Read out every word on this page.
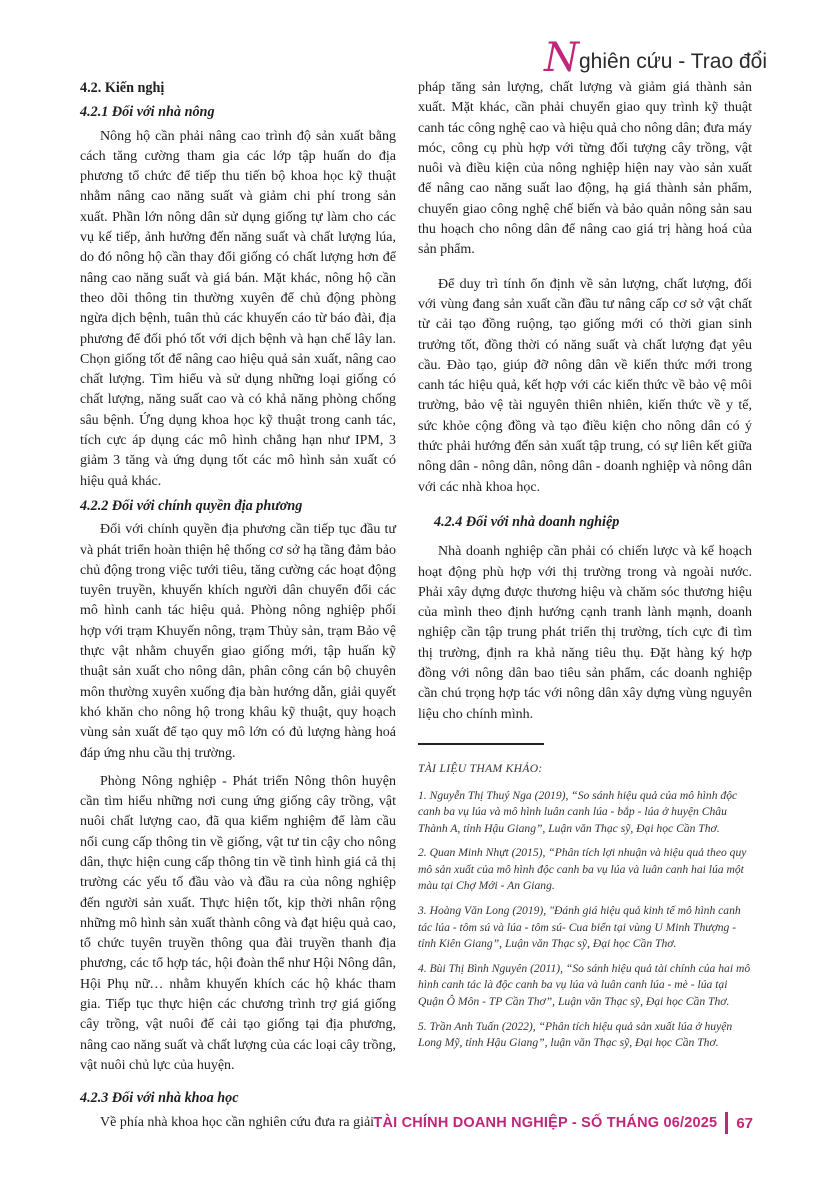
N ghiên cứu - Trao đổi
4.2. Kiến nghị
4.2.1 Đối với nhà nông

Nông hộ cần phải nâng cao trình độ sản xuất bằng cách tăng cường tham gia các lớp tập huấn do địa phương tổ chức để tiếp thu tiến bộ khoa học kỹ thuật nhằm nâng cao năng suất và giảm chi phí trong sản xuất. Phần lớn nông dân sử dụng giống tự làm cho các vụ kế tiếp, ảnh hưởng đến năng suất và chất lượng lúa, do đó nông hộ cần thay đổi giống có chất lượng hơn để nâng cao năng suất và giá bán. Mặt khác, nông hộ cần theo dõi thông tin thường xuyên để chủ động phòng ngừa dịch bệnh, tuân thủ các khuyến cáo từ báo đài, địa phương để đối phó tốt với dịch bệnh và hạn chế lây lan. Chọn giống tốt để nâng cao hiệu quả sản xuất, nâng cao chất lượng. Tìm hiểu và sử dụng những loại giống có chất lượng, năng suất cao và có khả năng phòng chống sâu bệnh. Ứng dụng khoa học kỹ thuật trong canh tác, tích cực áp dụng các mô hình chẳng hạn như IPM, 3 giảm 3 tăng và ứng dụng tốt các mô hình sản xuất có hiệu quả khác.

4.2.2 Đối với chính quyền địa phương

Đối với chính quyền địa phương cần tiếp tục đầu tư và phát triển hoàn thiện hệ thống cơ sở hạ tầng đảm bảo chủ động trong việc tưới tiêu, tăng cường các hoạt động tuyên truyền, khuyến khích người dân chuyển đổi các mô hình canh tác hiệu quả. Phòng nông nghiệp phối hợp với trạm Khuyến nông, trạm Thủy sản, trạm Bảo vệ thực vật nhằm chuyển giao giống mới, tập huấn kỹ thuật sản xuất cho nông dân, phân công cán bộ chuyên môn thường xuyên xuống địa bàn hướng dẫn, giải quyết khó khăn cho nông hộ trong khâu kỹ thuật, quy hoạch vùng sản xuất để tạo quy mô lớn có đủ lượng hàng hoá đáp ứng nhu cầu thị trường.

Phòng Nông nghiệp - Phát triển Nông thôn huyện cần tìm hiểu những nơi cung ứng giống cây trồng, vật nuôi chất lượng cao, đã qua kiểm nghiệm để làm cầu nối cung cấp thông tin về giống, vật tư tin cậy cho nông dân, thực hiện cung cấp thông tin về tình hình giá cả thị trường các yếu tố đầu vào và đầu ra của nông nghiệp đến người sản xuất. Thực hiện tốt, kịp thời nhân rộng những mô hình sản xuất thành công và đạt hiệu quả cao, tổ chức tuyên truyền thông qua đài truyền thanh địa phương, các tổ hợp tác, hội đoàn thể như Hội Nông dân, Hội Phụ nữ… nhằm khuyến khích các hộ khác tham gia. Tiếp tục thực hiện các chương trình trợ giá giống cây trồng, vật nuôi để cải tạo giống tại địa phương, nâng cao năng suất và chất lượng của các loại cây trồng, vật nuôi chủ lực của huyện.

4.2.3 Đối với nhà khoa học

Về phía nhà khoa học cần nghiên cứu đưa ra giải

pháp tăng sản lượng, chất lượng và giảm giá thành sản xuất. Mặt khác, cần phải chuyển giao quy trình kỹ thuật canh tác công nghệ cao và hiệu quả cho nông dân; đưa máy móc, công cụ phù hợp với từng đối tượng cây trồng, vật nuôi và điều kiện của nông nghiệp hiện nay vào sản xuất để nâng cao năng suất lao động, hạ giá thành sản phẩm, chuyển giao công nghệ chế biến và bảo quản nông sản sau thu hoạch cho nông dân để nâng cao giá trị hàng hoá của sản phẩm.

Để duy trì tính ổn định về sản lượng, chất lượng, đối với vùng đang sản xuất cần đầu tư nâng cấp cơ sở vật chất từ cải tạo đồng ruộng, tạo giống mới có thời gian sinh trưởng tốt, đồng thời có năng suất và chất lượng đạt yêu cầu. Đào tạo, giúp đỡ nông dân về kiến thức mới trong canh tác hiệu quả, kết hợp với các kiến thức về bảo vệ môi trường, bảo vệ tài nguyên thiên nhiên, kiến thức về y tế, sức khỏe cộng đồng và tạo điều kiện cho nông dân có ý thức phải hướng đến sản xuất tập trung, có sự liên kết giữa nông dân - nông dân, nông dân - doanh nghiệp và nông dân với các nhà khoa học.

4.2.4 Đối với nhà doanh nghiệp

Nhà doanh nghiệp cần phải có chiến lược và kế hoạch hoạt động phù hợp với thị trường trong và ngoài nước. Phải xây dựng được thương hiệu và chăm sóc thương hiệu của mình theo định hướng cạnh tranh lành mạnh, doanh nghiệp cần tập trung phát triển thị trường, tích cực đi tìm thị trường, định ra khả năng tiêu thụ. Đặt hàng ký hợp đồng với nông dân bao tiêu sản phẩm, các doanh nghiệp cần chú trọng hợp tác với nông dân xây dựng vùng nguyên liệu cho chính mình.

TÀI LIỆU THAM KHẢO:
1. Nguyễn Thị Thuý Nga (2019), “So sánh hiệu quả của mô hình độc canh ba vụ lúa và mô hình luân canh lúa - bắp - lúa ở huyện Châu Thành A, tỉnh Hậu Giang”, Luận văn Thạc sỹ, Đại học Cần Thơ.
2. Quan Minh Nhựt (2015), “Phân tích lợi nhuận và hiệu quả theo quy mô sản xuất của mô hình độc canh ba vụ lúa và luân canh hai lúa một màu tại Chợ Mới - An Giang.
3. Hoàng Văn Long (2019), "Đánh giá hiệu quả kinh tế mô hình canh tác lúa - tôm sú và lúa - tôm sú- Cua biển tại vùng U Minh Thượng - tỉnh Kiên Giang”, Luận văn Thạc sỹ, Đại học Cần Thơ.
4. Bùi Thị Bình Nguyên (2011), “So sánh hiệu quả tài chính của hai mô hình canh tác là độc canh ba vụ lúa và luân canh lúa - mè - lúa tại Quận Ô Môn - TP Cần Thơ”, Luận văn Thạc sỹ, Đại học Cần Thơ.
5. Trần Anh Tuấn (2022), “Phân tích hiệu quả sản xuất lúa ở huyện Long Mỹ, tỉnh Hậu Giang”, luận văn Thạc sỹ, Đại học Cần Thơ.
TÀI CHÍNH DOANH NGHIỆP - SỐ THÁNG 06/2025 67
